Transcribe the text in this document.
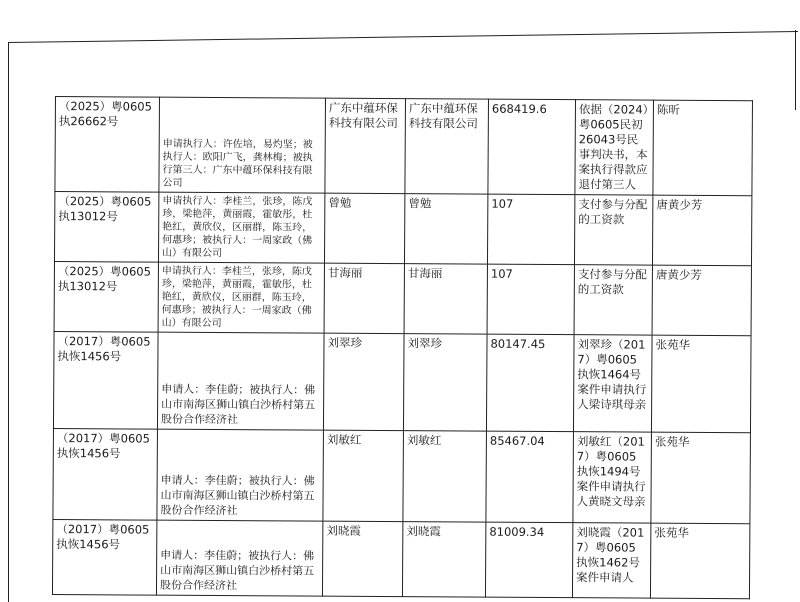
（2025）粤0605执26662号	申请执行人：许佐培，易灼坚；被执行人：欧阳广飞，龚林梅；被执行第三人：广东中蕴环保科技有限公司	广东中蕴环保科技有限公司	广东中蕴环保科技有限公司	668419.6	依据（2024）粤0605民初26043号民事判决书，本案执行得款应退付第三人	陈昕
（2025）粤0605执13012号	申请执行人：李桂兰，张珍，陈戊珍，梁艳萍，黄丽霞，霍敏彤，杜艳红，黄欣仪，区丽群，陈玉玲，何惠珍；被执行人：一周家政（佛山）有限公司	曾勉	曾勉	107	支付参与分配的工资款	唐黄少芳
（2025）粤0605执13012号	申请执行人：李桂兰，张珍，陈戊珍，梁艳萍，黄丽霞，霍敏彤，杜艳红，黄欣仪，区丽群，陈玉玲，何惠珍；被执行人：一周家政（佛山）有限公司	甘海丽	甘海丽	107	支付参与分配的工资款	唐黄少芳
（2017）粤0605执恢1456号	申请人：李佳蔚；被执行人：佛山市南海区狮山镇白沙桥村第五股份合作经济社	刘翠珍	刘翠珍	80147.45	刘翠珍（2017）粤0605执恢1464号案件申请执行人梁诗琪母亲	张苑华
（2017）粤0605执恢1456号	申请人：李佳蔚；被执行人：佛山市南海区狮山镇白沙桥村第五股份合作经济社	刘敏红	刘敏红	85467.04	刘敏红（2017）粤0605执恢1494号案件申请执行人黄晓文母亲	张苑华
（2017）粤0605执恢1456号	申请人：李佳蔚；被执行人：佛山市南海区狮山镇白沙桥村第五股份合作经济社	刘晓霞	刘晓霞	81009.34	刘晓霞（2017）粤0605执恢1462号案件申请人	张苑华
